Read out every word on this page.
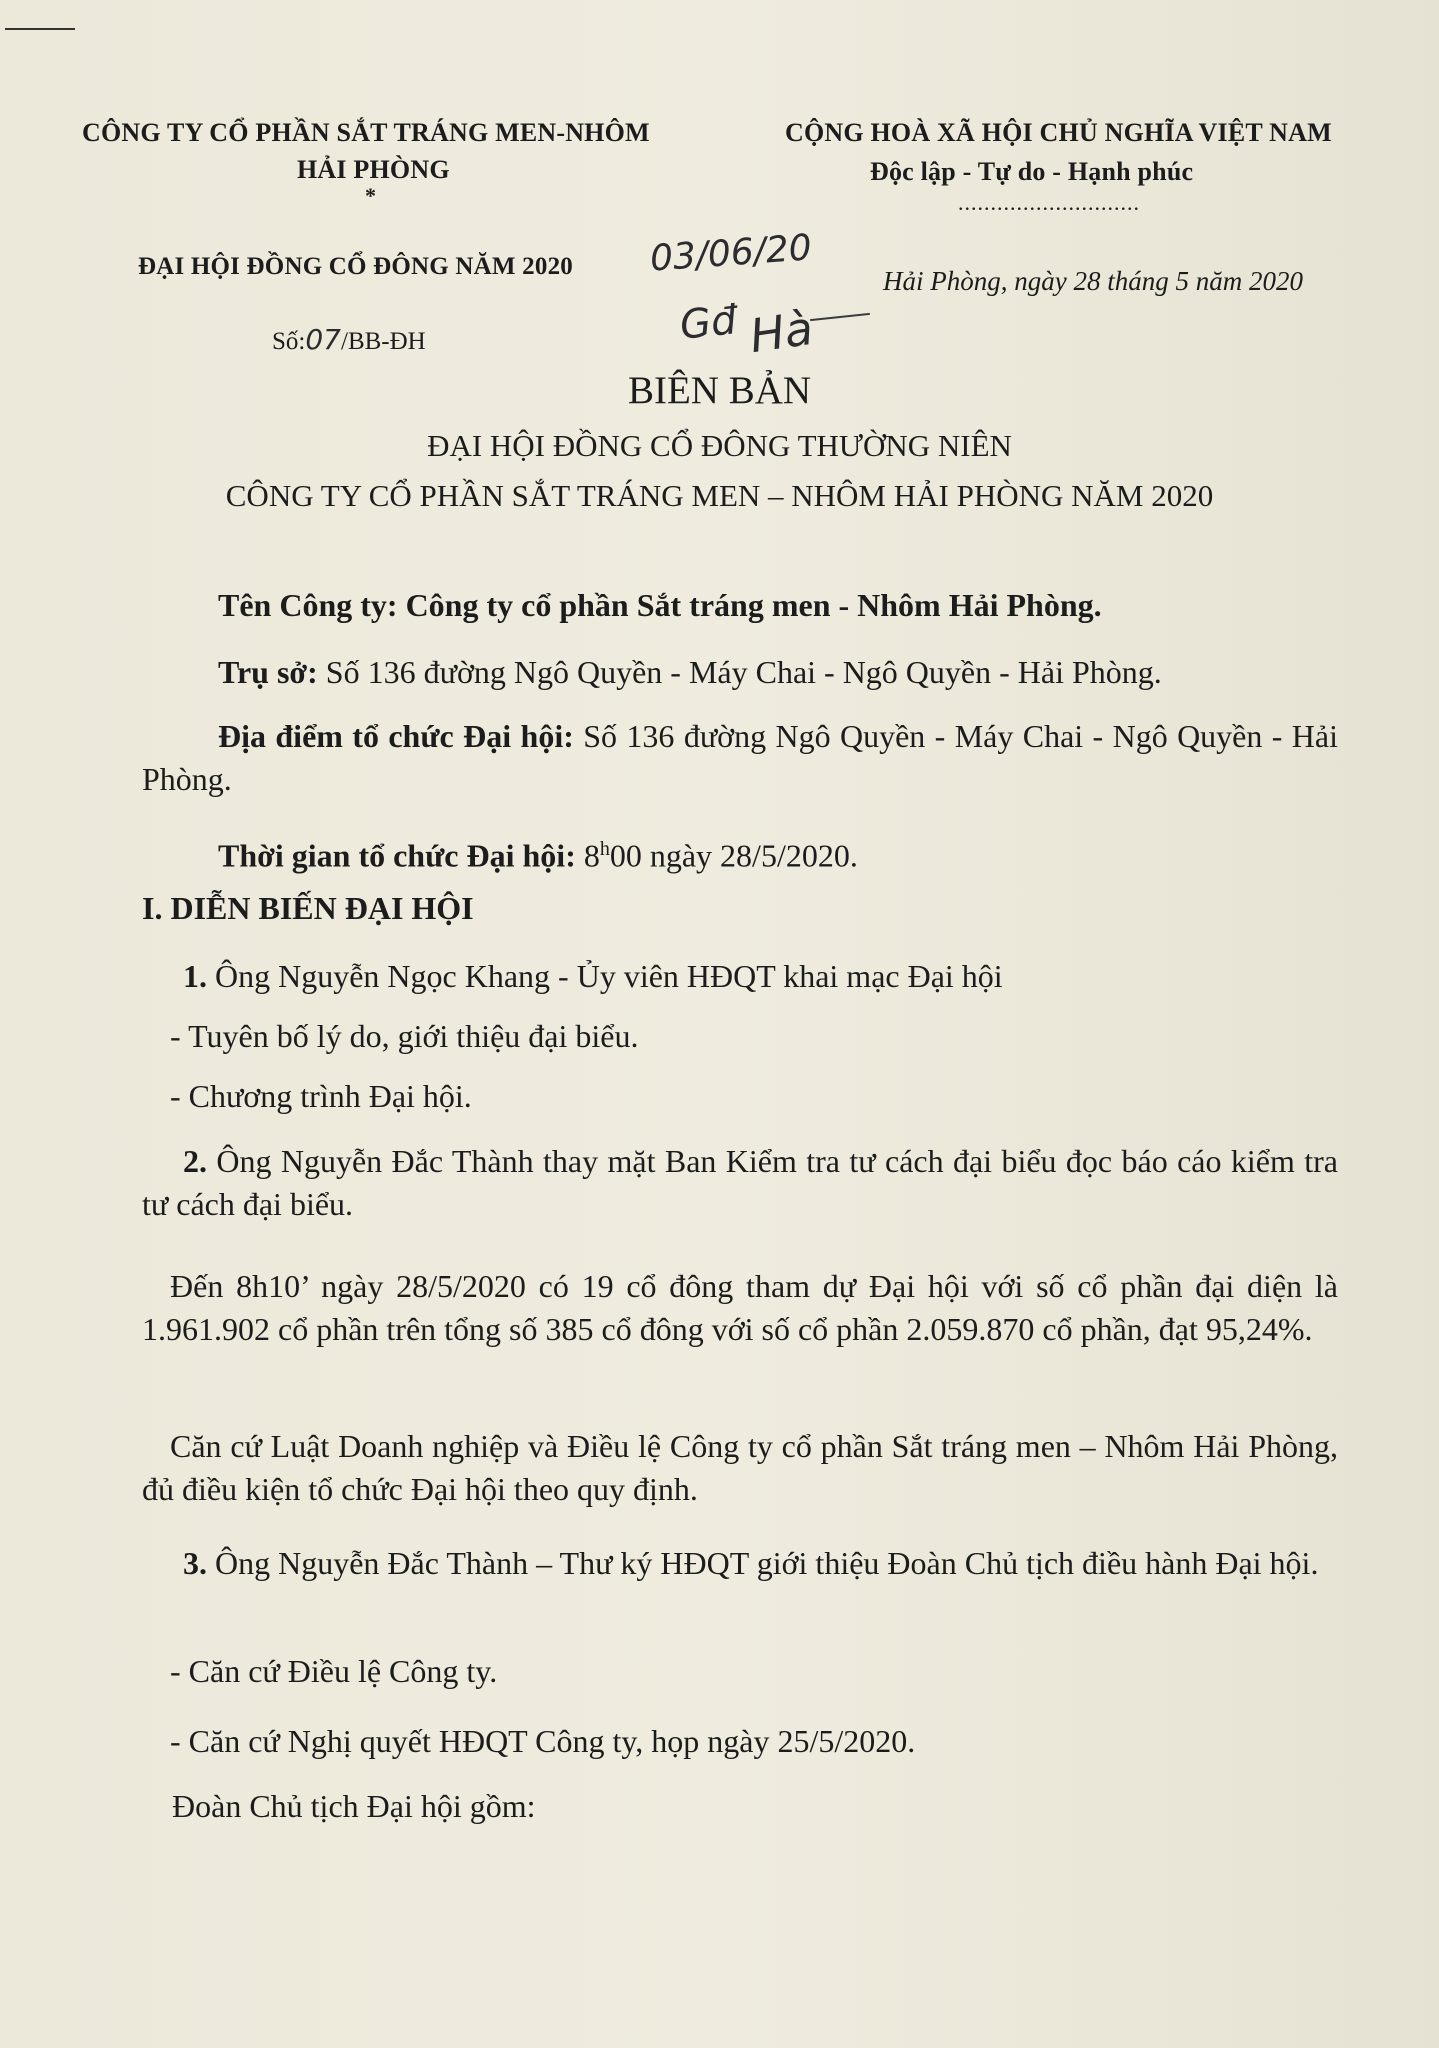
CÔNG TY CỔ PHẦN SẮT TRÁNG MEN-NHÔM
HẢI PHÒNG
*
CỘNG HOÀ XÃ HỘI CHỦ NGHĨA VIỆT NAM
Độc lập - Tự do - Hạnh phúc
............................
ĐẠI HỘI ĐỒNG CỔ ĐÔNG NĂM 2020	Hải Phòng, ngày 28 tháng 5 năm 2020
03/06/20
Gđ Hà
Số:07/BB-ĐH
BIÊN BẢN
ĐẠI HỘI ĐỒNG CỔ ĐÔNG THƯỜNG NIÊN
CÔNG TY CỔ PHẦN SẮT TRÁNG MEN – NHÔM HẢI PHÒNG NĂM 2020
Tên Công ty: Công ty cổ phần Sắt tráng men - Nhôm Hải Phòng.
Trụ sở: Số 136 đường Ngô Quyền - Máy Chai - Ngô Quyền - Hải Phòng.
Địa điểm tổ chức Đại hội: Số 136 đường Ngô Quyền - Máy Chai - Ngô Quyền - Hải Phòng.
Thời gian tổ chức Đại hội: 8$^h$00 ngày 28/5/2020.
I. DIỄN BIẾN ĐẠI HỘI
1. Ông Nguyễn Ngọc Khang - Ủy viên HĐQT khai mạc Đại hội
- Tuyên bố lý do, giới thiệu đại biểu.
- Chương trình Đại hội.
2. Ông Nguyễn Đắc Thành thay mặt Ban Kiểm tra tư cách đại biểu đọc báo cáo kiểm tra tư cách đại biểu.
Đến 8h10’ ngày 28/5/2020 có 19 cổ đông tham dự Đại hội với số cổ phần đại diện là 1.961.902 cổ phần trên tổng số 385 cổ đông với số cổ phần 2.059.870 cổ phần, đạt 95,24%.
Căn cứ Luật Doanh nghiệp và Điều lệ Công ty cổ phần Sắt tráng men – Nhôm Hải Phòng, đủ điều kiện tổ chức Đại hội theo quy định.
3. Ông Nguyễn Đắc Thành – Thư ký HĐQT giới thiệu Đoàn Chủ tịch điều hành Đại hội.
- Căn cứ Điều lệ Công ty.
- Căn cứ Nghị quyết HĐQT Công ty, họp ngày 25/5/2020.
Đoàn Chủ tịch Đại hội gồm:
